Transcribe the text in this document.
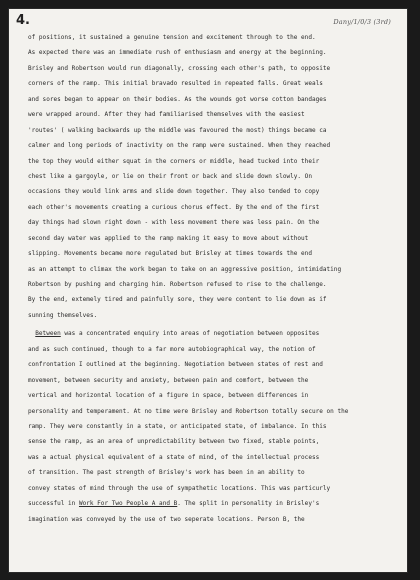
4.	Dany/1/0/3 (3rd)
of positions, it sustained a genuine tension and excitement through to the end.
As expected there was an immediate rush of enthusiasm and energy at the beginning.
Brisley and Robertson would run diagonally, crossing each other's path, to opposite
corners of the ramp. This initial bravado resulted in repeated falls. Great weals
and sores began to appear on their bodies. As the wounds got worse cotton bandages
were wrapped around. After they had familiarised themselves with the easiest
'routes' ( walking backwards up the middle was favoured the most) things became ca
calmer and long periods of inactivity on the ramp were sustained. When they reached
the top they would either squat in the corners or middle, head tucked into their
chest like a gargoyle, or lie on their front or back and slide down slowly. On
occasions they would link arms and slide down together. They also tended to copy
each other's movements creating a curious chorus effect. By the end of the first
day things had slown right down - with less movement there was less pain. On the
second day water was applied to the ramp making it easy to move about without
slipping. Movements became more regulated but Brisley at times towards the end
as an attempt to climax the work began to take on an aggressive position, intimidating
Robertson by pushing and charging him. Robertson refused to rise to the challenge.
By the end, extemely tired and painfully sore, they were content to lie down as if
sunning themselves.
Between was a concentrated enquiry into areas of negotiation between opposites
and as such continued, though to a far more autobiographical way, the notion of
confrontation I outlined at the beginning. Negotiation between states of rest and
movement, between security and anxiety, between pain and comfort, between the
vertical and horizontal location of a figure in space, between differences in
personality and temperament. At no time were Brisley and Robertson totally secure on the
ramp. They were constantly in a state, or anticipated state, of imbalance. In this
sense the ramp, as an area of unpredictability between two fixed, stable points,
was a actual physical equivalent of a state of mind, of the intellectual process
of transition. The past strength of Brisley's work has been in an ability to
convey states of mind through the use of sympathetic locations. This was particurly
successful in Work For Two People A and B. The split in personality in Brisley's
imagination was conveyed by the use of two seperate locations. Person B, the
